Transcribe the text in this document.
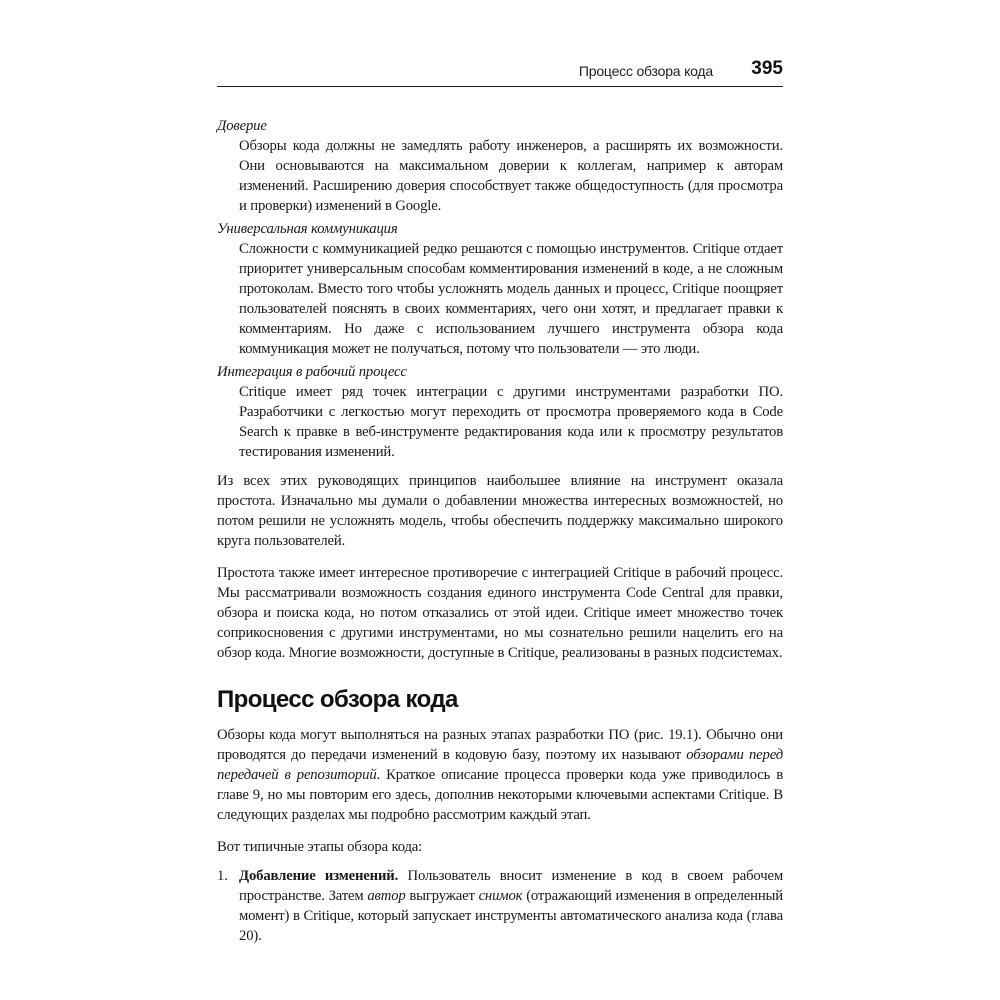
Процесс обзора кода 395

Доверие

Обзоры кода должны не замедлять работу инженеров, а расширять их возможности. Они основываются на максимальном доверии к коллегам, например к авторам изменений. Расширению доверия способствует также общедоступность (для просмотра и проверки) изменений в Google.

Универсальная коммуникация

Сложности с коммуникацией редко решаются с помощью инструментов. Critique отдает приоритет универсальным способам комментирования изменений в коде, а не сложным протоколам. Вместо того чтобы усложнять модель данных и процесс, Critique поощряет пользователей пояснять в своих комментариях, чего они хотят, и предлагает правки к комментариям. Но даже с использованием лучшего инструмента обзора кода коммуникация может не получаться, потому что пользователи — это люди.

Интеграция в рабочий процесс

Critique имеет ряд точек интеграции с другими инструментами разработки ПО. Разработчики с легкостью могут переходить от просмотра проверяемого кода в Code Search к правке в веб-инструменте редактирования кода или к просмотру результатов тестирования изменений.

Из всех этих руководящих принципов наибольшее влияние на инструмент оказала простота. Изначально мы думали о добавлении множества интересных возможностей, но потом решили не усложнять модель, чтобы обеспечить поддержку максимально широкого круга пользователей.

Простота также имеет интересное противоречие с интеграцией Critique в рабочий процесс. Мы рассматривали возможность создания единого инструмента Code Central для правки, обзора и поиска кода, но потом отказались от этой идеи. Critique имеет множество точек соприкосновения с другими инструментами, но мы сознательно решили нацелить его на обзор кода. Многие возможности, доступные в Critique, реализованы в разных подсистемах.

Процесс обзора кода

Обзоры кода могут выполняться на разных этапах разработки ПО (рис. 19.1). Обычно они проводятся до передачи изменений в кодовую базу, поэтому их называют обзорами перед передачей в репозиторий. Краткое описание процесса проверки кода уже приводилось в главе 9, но мы повторим его здесь, дополнив некоторыми ключевыми аспектами Critique. В следующих разделах мы подробно рассмотрим каждый этап.

Вот типичные этапы обзора кода:

1. Добавление изменений. Пользователь вносит изменение в код в своем рабочем пространстве. Затем автор выгружает снимок (отражающий изменения в определенный момент) в Critique, который запускает инструменты автоматического анализа кода (глава 20).
